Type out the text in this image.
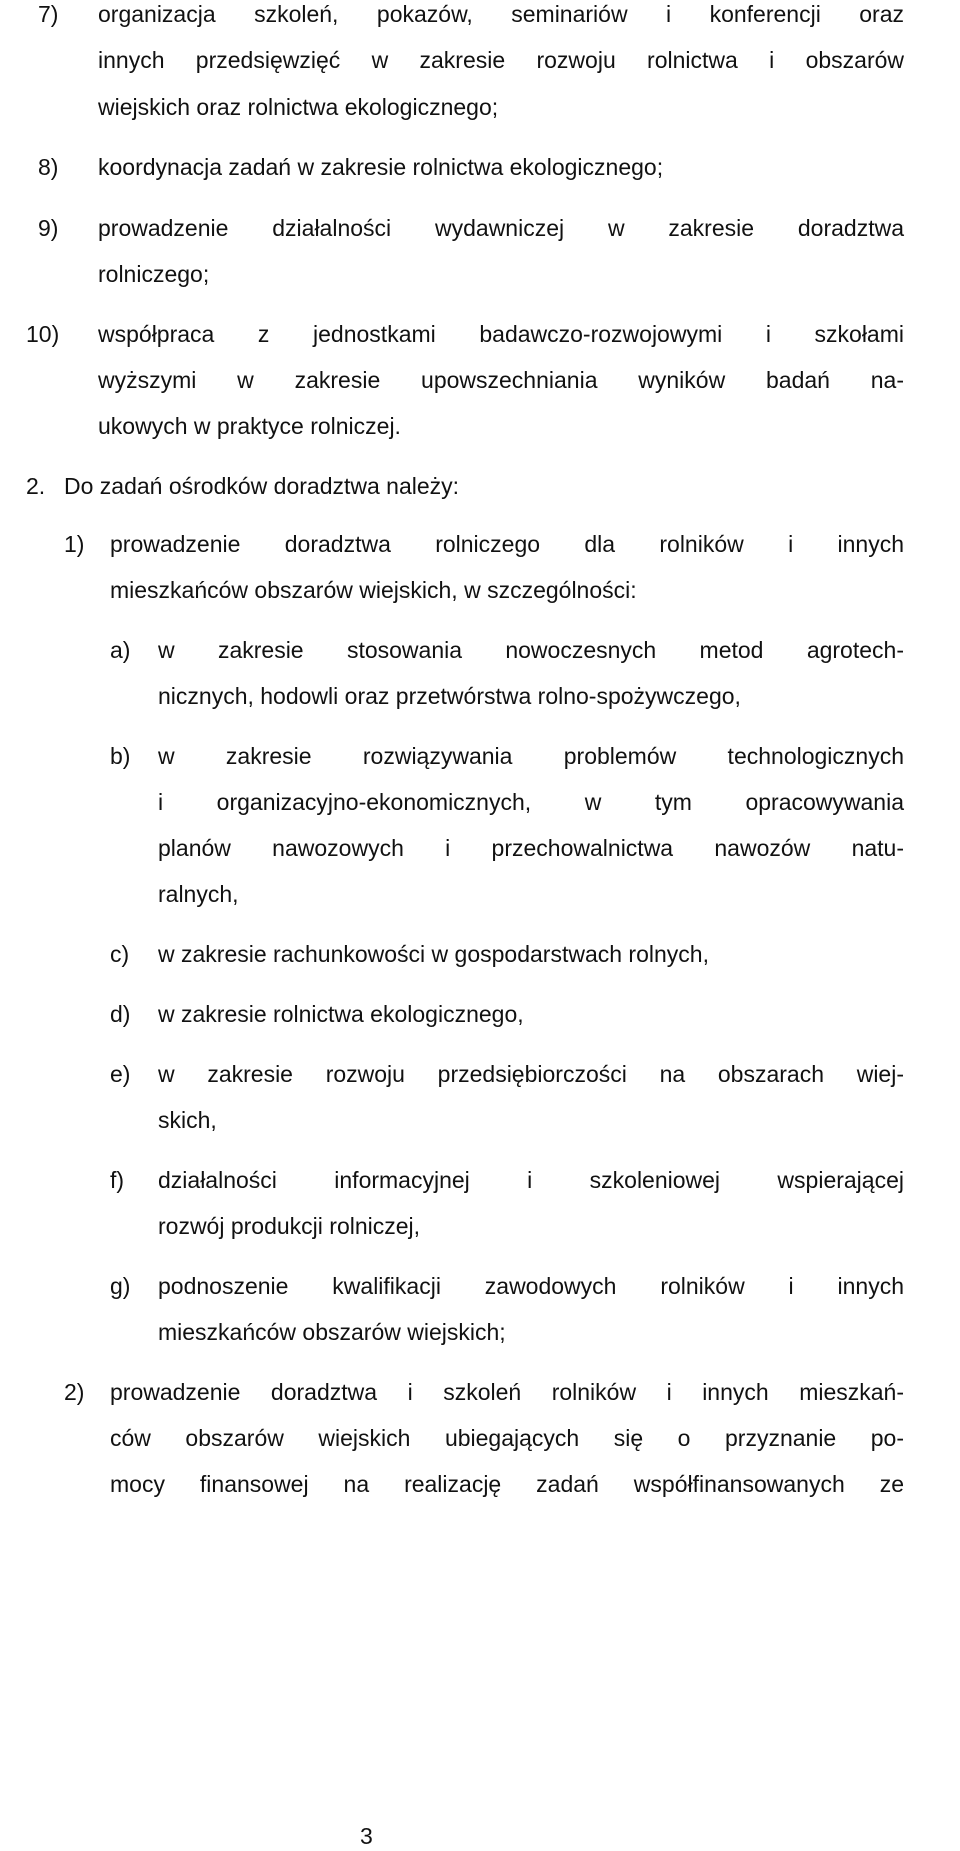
7) organizacja szkoleń, pokazów, seminariów i konferencji oraz
innych przedsięwzięć w zakresie rozwoju rolnictwa i obszarów
wiejskich oraz rolnictwa ekologicznego;
8) koordynacja zadań w zakresie rolnictwa ekologicznego;
9) prowadzenie działalności wydawniczej w zakresie doradztwa
rolniczego;
10) współpraca z jednostkami badawczo-rozwojowymi i szkołami
wyższymi w zakresie upowszechniania wyników badań na-
ukowych w praktyce rolniczej.
2. Do zadań ośrodków doradztwa należy:
1) prowadzenie doradztwa rolniczego dla rolników i innych
mieszkańców obszarów wiejskich, w szczególności:
a) w zakresie stosowania nowoczesnych metod agrotech-
nicznych, hodowli oraz przetwórstwa rolno-spożywczego,
b) w zakresie rozwiązywania problemów technologicznych
i organizacyjno-ekonomicznych, w tym opracowywania
planów nawozowych i przechowalnictwa nawozów natu-
ralnych,
c) w zakresie rachunkowości w gospodarstwach rolnych,
d) w zakresie rolnictwa ekologicznego,
e) w zakresie rozwoju przedsiębiorczości na obszarach wiej-
skich,
f) działalności informacyjnej i szkoleniowej wspierającej
rozwój produkcji rolniczej,
g) podnoszenie kwalifikacji zawodowych rolników i innych
mieszkańców obszarów wiejskich;
2) prowadzenie doradztwa i szkoleń rolników i innych mieszkań-
ców obszarów wiejskich ubiegających się o przyznanie po-
mocy finansowej na realizację zadań współfinansowanych ze
3
